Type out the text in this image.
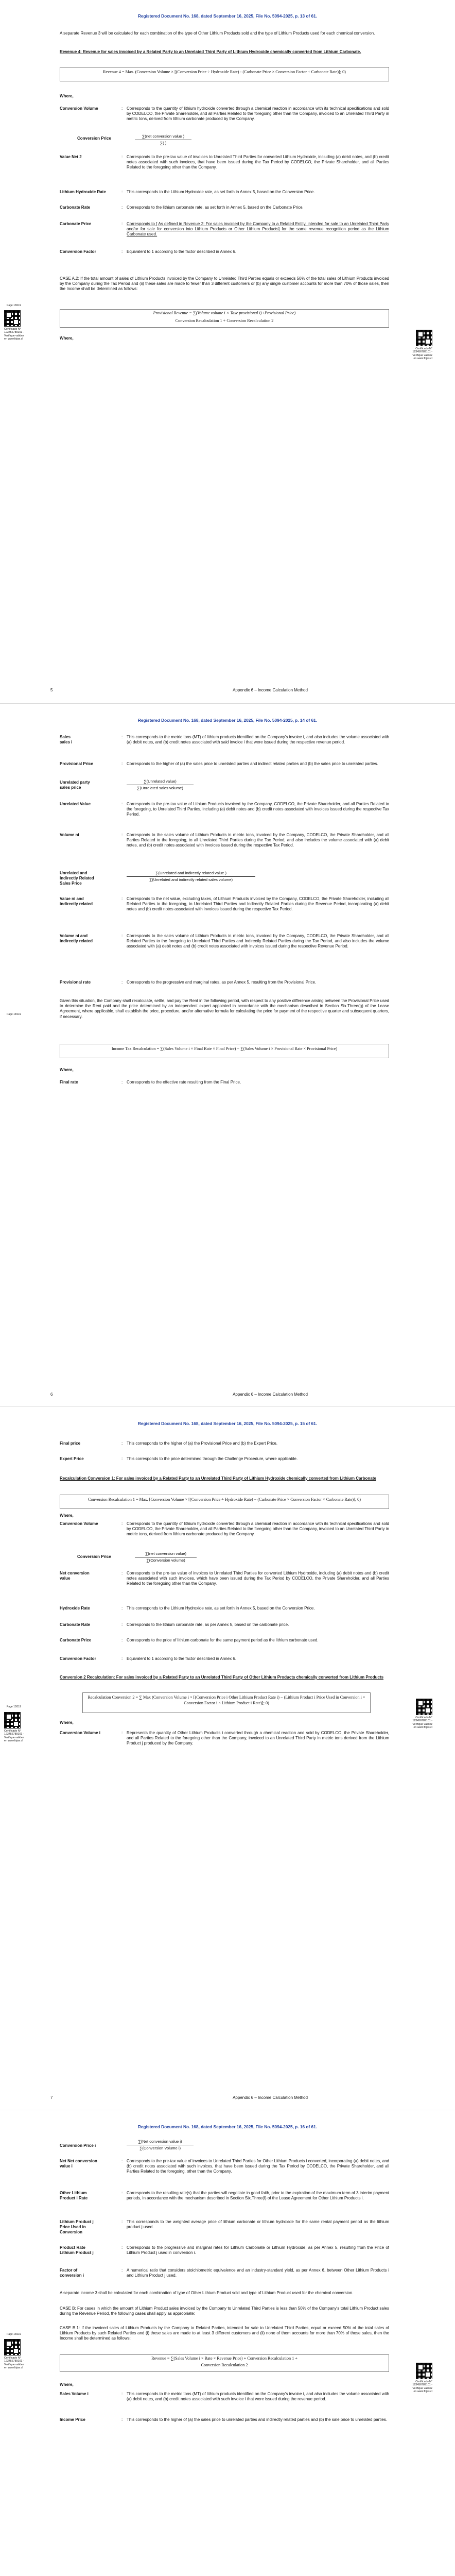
Registered Document No. 168, dated September 16, 2025, File No. 5094-2025, p. 13 of 61.
A separate Revenue 3 will be calculated for each combination of the type of Other Lithium Products sold and the type of Lithium Products used for each chemical conversion.
Revenue 4: Revenue for sales invoiced by a Related Party to an Unrelated Third Party of Lithium Hydroxide chemically converted from Lithium Carbonate.
Revenue 4 = Max. (Conversion Volume × [(Conversion Price ÷ Hydroxide Rate) - (Carbonate Price × Conversion Factor ÷ Carbonate Rate)]; 0)
Where,
Conversion Volume	: Corresponds to the quantity of lithium hydroxide converted through a chemical reaction in accordance with its technical specifications and sold by CODELCO, the Private Shareholder, and all Parties Related to the foregoing other than the Company, invoiced to an Unrelated Third Party in metric tons, derived from lithium carbonate produced by the Company.
Conversion Price	∑(net conversion value )
∑( )
Value Net 2	: Corresponds to the pre-tax value of invoices to Unrelated Third Parties for converted Lithium Hydroxide, including (a) debit notes, and (b) credit notes associated with such invoices, that have been issued during the Tax Period by CODELCO, the Private Shareholder, and all Parties Related to the foregoing other than the Company.
Lithium Hydroxide Rate	: This corresponds to the Lithium Hydroxide rate, as set forth in Annex 5, based on the Conversion Price.
Carbonate Rate	: Corresponds to the lithium carbonate rate, as set forth in Annex 5, based on the Carbonate Price.
Carbonate Price	: Corresponds to [ As defined in Revenue 2: For sales invoiced by the Company to a Related Entity, intended for sale to an Unrelated Third Party and/or for sale for conversion into Lithium Products or Other Lithium Products] for the same revenue recognition period as the Lithium Carbonate used.
Conversion Factor	: Equivalent to 1 according to the factor described in Annex 6.
CASE A.2: If the total amount of sales of Lithium Products invoiced by the Company to Unrelated Third Parties equals or exceeds 50% of the total sales of Lithium Products invoiced by the Company during the Tax Period and (ii) these sales are made to fewer than 3 different customers or (b) any single customer accounts for more than 70% of those sales, then the Income shall be determined as follows:
Provisional Revenue = ∑(Volume volume i × Taxe provisional i)+Provisional Price)
Conversion Recalculation 1 + Conversion Recalculation 2
Where,
Page 13/119
Certificado N° 123456789101 - Verifique validez en www.fojas.cl
Certificado N° 123456789101 - Verifique validez en www.fojas.cl
5	Appendix 6 – Income Calculation Method
Registered Document No. 168, dated September 16, 2025, File No. 5094-2025, p. 14 of 61.
Sales sales i
: This corresponds to the metric tons (MT) of lithium products identified on the Company's invoice i, and also includes the volume associated with (a) debit notes, and (b) credit notes associated with said invoice i that were issued during the respective revenue period.
Provisional Price	: Corresponds to the higher of (a) the sales price to unrelated parties and indirect related parties and (b) the sales price to unrelated parties.
Unrelated party sales price
∑(Unrelated value)
∑(Unrelated sales volume)
Unrelated Value	: Corresponds to the pre-tax value of Lithium Products invoiced by the Company, CODELCO, the Private Shareholder, and all Parties Related to the foregoing, to Unrelated Third Parties, including (a) debit notes and (b) credit notes associated with invoices issued during the respective Tax Period.
Volume ni	: Corresponds to the sales volume of Lithium Products in metric tons, invoiced by the Company, CODELCO, the Private Shareholder, and all Parties Related to the foregoing, to all Unrelated Third Parties during the Tax Period, and also includes the volume associated with (a) debit notes, and (b) credit notes associated with invoices issued during the respective Tax Period.
Unrelated and Indirectly Related Sales Price
∑(Unrelated and indirectly related value )
∑(Unrelated and indirectly related sales volume)
Value ni and indirectly related
: Corresponds to the net value, excluding taxes, of Lithium Products invoiced by the Company, CODELCO, the Private Shareholder, including all Related Parties to the foregoing, to Unrelated Third Parties and Indirectly Related Parties during the Revenue Period, incorporating (a) debit notes and (b) credit notes associated with invoices issued during the respective Tax Period.
Volume ni and indirectly related
: Corresponds to the sales volume of Lithium Products in metric tons, invoiced by the Company, CODELCO, the Private Shareholder, and all Related Parties to the foregoing to Unrelated Third Parties and Indirectly Related Parties during the Tax Period, and also includes the volume associated with (a) debit notes and (b) credit notes associated with invoices issued during the respective Revenue Period.
Provisional rate	: Corresponds to the progressive and marginal rates, as per Annex 5, resulting from the Provisional Price.
Given this situation, the Company shall recalculate, settle, and pay the Rent in the following period, with respect to any positive difference arising between the Provisional Price used to determine the Rent paid and the price determined by an independent expert appointed in accordance with the mechanism described in Section Six.Three(g) of the Lease Agreement, where applicable, shall establish the price, procedure, and/or alternative formula for calculating the price for payment of the respective quarter and subsequent quarters, if necessary.
Income Tax Recalculation = ∑(Sales Volume i × Final Rate × Final Price) − ∑(Sales Volume i × Provisional Rate × Provisional Price)
Where,
Final rate	: Corresponds to the effective rate resulting from the Final Price.
Page 14/119
6	Appendix 6 – Income Calculation Method
Registered Document No. 168, dated September 16, 2025, File No. 5094-2025, p. 15 of 61.
Final price	: This corresponds to the higher of (a) the Provisional Price and (b) the Expert Price.
Expert Price	: This corresponds to the price determined through the Challenge Procedure, where applicable.
Recalculation Conversion 1: For sales invoiced by a Related Party to an Unrelated Third Party of Lithium Hydroxide chemically converted from Lithium Carbonate
Conversion Recalculation 1 = Max. [Conversion Volume × [(Conversion Price ÷ Hydroxide Rate) − (Carbonate Price × Conversion Factor × Carbonate Rate)]; 0)
Where,
Conversion Volume	: Corresponds to the quantity of lithium hydroxide converted through a chemical reaction in accordance with its technical specifications and sold by CODELCO, the Private Shareholder, and all Parties Related to the foregoing other than the Company, invoiced to an Unrelated Third Party in metric tons, derived from lithium carbonate produced by the Company.
Conversion Price
∑(net conversion value)
∑(Conversion volume)
Net conversion value
: Corresponds to the pre-tax value of invoices to Unrelated Third Parties for converted Lithium Hydroxide, including (a) debit notes and (b) credit notes associated with such invoices, which have been issued during the Tax Period by CODELCO, the Private Shareholder, and all Parties Related to the foregoing other than the Company.
Hydroxide Rate	: This corresponds to the Lithium Hydroxide rate, as set forth in Annex 5, based on the Conversion Price.
Carbonate Rate	: Corresponds to the lithium carbonate rate, as per Annex 5, based on the carbonate price.
Carbonate Price	: Corresponds to the price of lithium carbonate for the same payment period as the lithium carbonate used.
Conversion Factor	: Equivalent to 1 according to the factor described in Annex 6.
Conversion 2 Recalculation: For sales invoiced by a Related Party to an Unrelated Third Party of Other Lithium Products chemically converted from Lithium Products
Recalculation Conversion 2 = ∑ Max (Conversion Volume i × [(Conversion Price i Other Lithium Product Rate i) − (Lithium Product i Price Used in Conversion i × Conversion Factor i × Lithium Product i Rate)]; 0)
Where,
Conversion Volume i	: Represents the quantity of Other Lithium Products i converted through a chemical reaction and sold by CODELCO, the Private Shareholder, and all Parties Related to the foregoing other than the Company, invoiced to an Unrelated Third Party in metric tons derived from the Lithium Product j produced by the Company.
Page 15/119
Certificado N° 123456789101 - Verifique validez en www.fojas.cl
Certificado N° 123456789101 - Verifique validez en www.fojas.cl
7	Appendix 6 – Income Calculation Method
Registered Document No. 168, dated September 16, 2025, File No. 5094-2025, p. 16 of 61.
Conversion Price i
∑(Net conversion value i)
∑(Conversion Volume i)
Net Net conversion value i
: Corresponds to the pre-tax value of invoices to Unrelated Third Parties for Other Lithium Products i converted, incorporating (a) debit notes, and (b) credit notes associated with such invoices, that have been issued during the Tax Period by CODELCO, the Private Shareholder, and all Parties Related to the foregoing, other than the Company.
Other Lithium Product i Rate
: Corresponds to the resulting rate(s) that the parties will negotiate in good faith, prior to the expiration of the maximum term of 3 interim payment periods, in accordance with the mechanism described in Section Six.Three(f) of the Lease Agreement for Other Lithium Products i.
Lithium Product j Price Used in Conversion
: This corresponds to the weighted average price of lithium carbonate or lithium hydroxide for the same rental payment period as the lithium product j used.
Product Rate Lithium Product j
: Corresponds to the progressive and marginal rates for Lithium Carbonate or Lithium Hydroxide, as per Annex 5, resulting from the Price of Lithium Product j used in conversion i.
Factor of conversion i
: A numerical ratio that considers stoichiometric equivalence and an industry-standard yield, as per Annex 6, between Other Lithium Products i and Lithium Product j used.
A separate income 3 shall be calculated for each combination of type of Other Lithium Product sold and type of Lithium Product used for the chemical conversion.
CASE B: For cases in which the amount of Lithium Product sales invoiced by the Company to Unrelated Third Parties is less than 50% of the Company's total Lithium Product sales during the Revenue Period, the following cases shall apply as appropriate:
CASE B.1: If the invoiced sales of Lithium Products by the Company to Related Parties, intended for sale to Unrelated Third Parties, equal or exceed 50% of the total sales of Lithium Products by such Related Parties and (i) these sales are made to at least 3 different customers and (ii) none of them accounts for more than 70% of those sales, then the Income shall be determined as follows:
Revenue = ∑(Sales Volume i × Rate × Revenue Price) + Conversion Recalculation 1 +
Conversion Recalculation 2
Where,
Sales Volume i	: This corresponds to the metric tons (MT) of lithium products identified on the Company's invoice i, and also includes the volume associated with (a) debit notes, and (b) credit notes associated with such invoice i that were issued during the revenue period.
Income Price	: This corresponds to the higher of (a) the sales price to unrelated parties and indirectly related parties and (b) the sale price to unrelated parties.
Page 16/119
Certificado N° 123456789101 - Verifique validez en www.fojas.cl
Certificado N° 123456789101 - Verifique validez en www.fojas.cl
